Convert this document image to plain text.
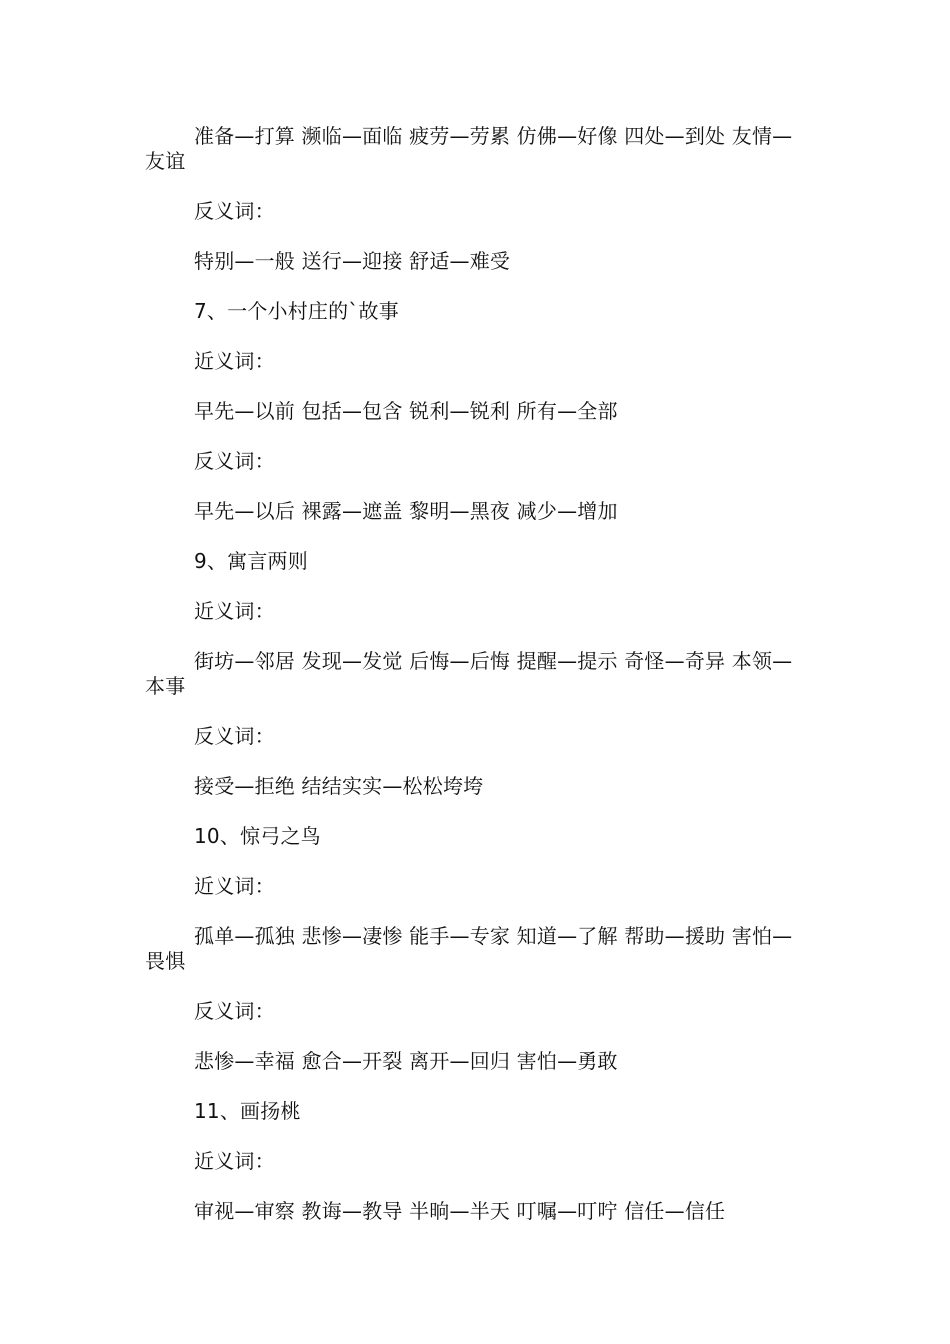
准备—打算 濒临—面临 疲劳—劳累 仿佛—好像 四处—到处 友情—友谊

反义词：

特别—一般 送行—迎接 舒适—难受

7、一个小村庄的`故事

近义词：

早先—以前 包括—包含 锐利—锐利 所有—全部

反义词：

早先—以后 裸露—遮盖 黎明—黑夜 减少—增加

9、寓言两则

近义词：

街坊—邻居 发现—发觉 后悔—后悔 提醒—提示 奇怪—奇异 本领—本事

反义词：

接受—拒绝 结结实实—松松垮垮

10、惊弓之鸟

近义词：

孤单—孤独 悲惨—凄惨 能手—专家 知道—了解 帮助—援助 害怕—畏惧

反义词：

悲惨—幸福 愈合—开裂 离开—回归 害怕—勇敢

11、画扬桃

近义词：

审视—审察 教诲—教导 半晌—半天 叮嘱—叮咛 信任—信任
